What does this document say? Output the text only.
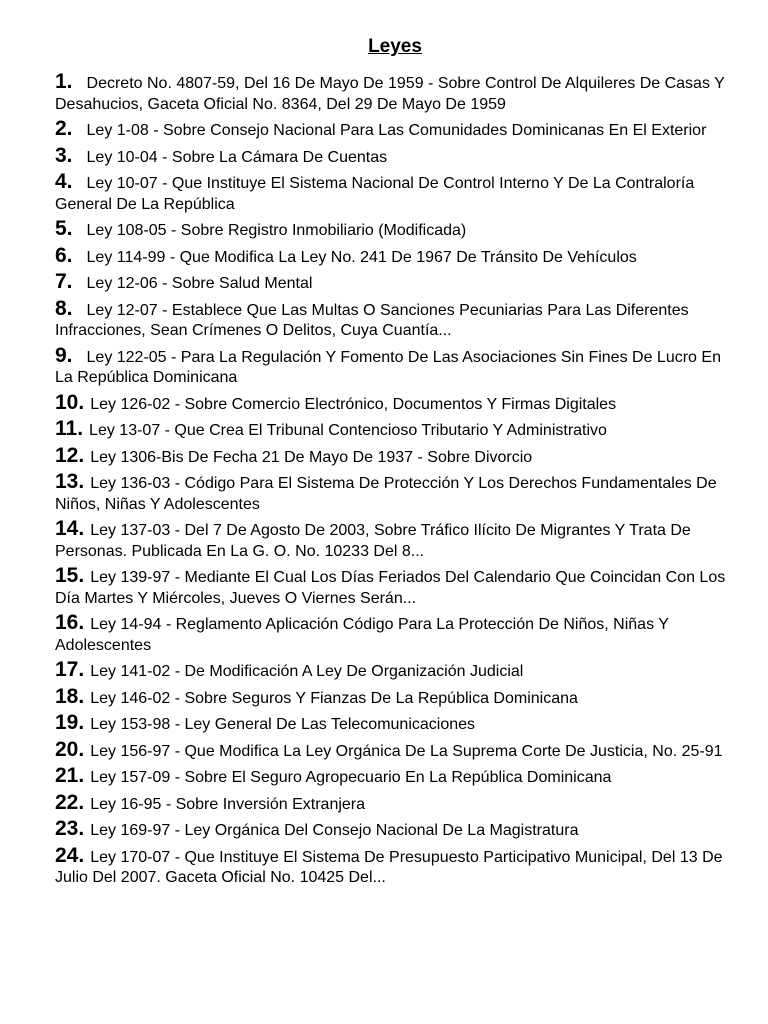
Leyes
1. Decreto No. 4807-59, Del 16 De Mayo De 1959 - Sobre Control De Alquileres De Casas Y Desahucios, Gaceta Oficial No. 8364, Del 29 De Mayo De 1959
2. Ley 1-08 - Sobre Consejo Nacional Para Las Comunidades Dominicanas En El Exterior
3. Ley 10-04 - Sobre La Cámara De Cuentas
4. Ley 10-07 - Que Instituye El Sistema Nacional De Control Interno Y De La Contraloría General De La República
5. Ley 108-05 - Sobre Registro Inmobiliario (Modificada)
6. Ley 114-99 - Que Modifica La Ley No. 241 De 1967 De Tránsito De Vehículos
7. Ley 12-06 - Sobre Salud Mental
8. Ley 12-07 - Establece Que Las Multas O Sanciones Pecuniarias Para Las Diferentes Infracciones, Sean Crímenes O Delitos, Cuya Cuantía...
9. Ley 122-05 - Para La Regulación Y Fomento De Las Asociaciones Sin Fines De Lucro En La República Dominicana
10. Ley 126-02 - Sobre Comercio Electrónico, Documentos Y Firmas Digitales
11. Ley 13-07 - Que Crea El Tribunal Contencioso Tributario Y Administrativo
12. Ley 1306-Bis De Fecha 21 De Mayo De 1937 - Sobre Divorcio
13. Ley 136-03 - Código Para El Sistema De Protección Y Los Derechos Fundamentales De Niños, Niñas Y Adolescentes
14. Ley 137-03 - Del 7 De Agosto De 2003, Sobre Tráfico Ilícito De Migrantes Y Trata De Personas. Publicada En La G. O. No. 10233 Del 8...
15. Ley 139-97 - Mediante El Cual Los Días Feriados Del Calendario Que Coincidan Con Los Día Martes Y Miércoles, Jueves O Viernes Serán...
16. Ley 14-94 - Reglamento Aplicación Código Para La Protección De Niños, Niñas Y Adolescentes
17. Ley 141-02 - De Modificación A Ley De Organización Judicial
18. Ley 146-02 - Sobre Seguros Y Fianzas De La República Dominicana
19. Ley 153-98 - Ley General De Las Telecomunicaciones
20. Ley 156-97 - Que Modifica La Ley Orgánica De La Suprema Corte De Justicia, No. 25-91
21. Ley 157-09 - Sobre El Seguro Agropecuario En La República Dominicana
22. Ley 16-95 - Sobre Inversión Extranjera
23. Ley 169-97 - Ley Orgánica Del Consejo Nacional De La Magistratura
24. Ley 170-07 - Que Instituye El Sistema De Presupuesto Participativo Municipal, Del 13 De Julio Del 2007. Gaceta Oficial No. 10425 Del...
